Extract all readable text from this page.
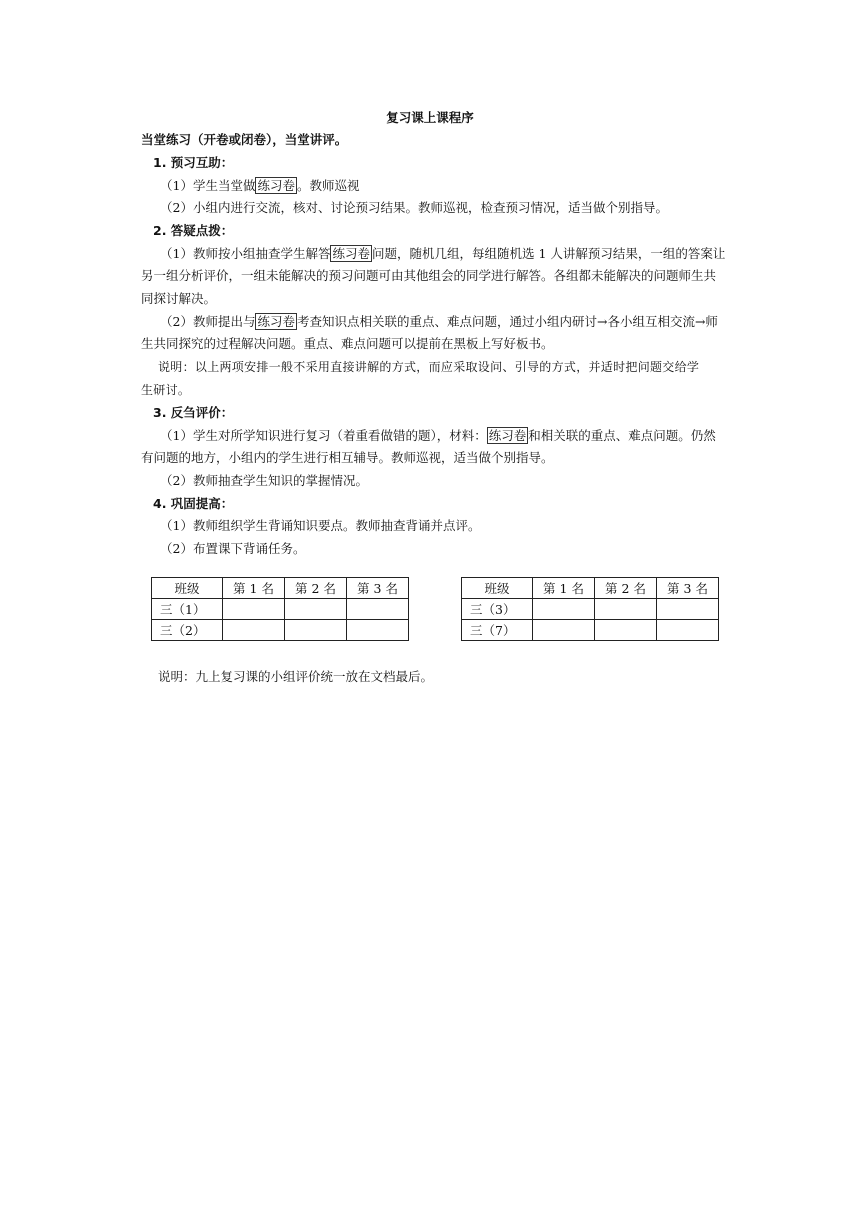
复习课上课程序
当堂练习（开卷或闭卷），当堂讲评。
1. 预习互助：
（1）学生当堂做 练习卷 。教师巡视
（2）小组内进行交流，核对、讨论预习结果。教师巡视，检查预习情况，适当做个别指导。
2. 答疑点拨：
（1）教师按小组抽查学生解答 练习卷 问题，随机几组，每组随机选 1 人讲解预习结果，一组的答案让
另一组分析评价，一组未能解决的预习问题可由其他组会的同学进行解答。各组都未能解决的问题师生共
同探讨解决。
（2）教师提出与 练习卷 考查知识点相关联的重点、难点问题，通过小组内研讨→各小组互相交流→师
生共同探究的过程解决问题。重点、难点问题可以提前在黑板上写好板书。
说明：以上两项安排一般不采用直接讲解的方式，而应采取设问、引导的方式，并适时把问题交给学
生研讨。
3. 反刍评价：
（1）学生对所学知识进行复习（着重看做错的题），材料： 练习卷 和相关联的重点、难点问题。仍然
有问题的地方，小组内的学生进行相互辅导。教师巡视，适当做个别指导。
（2）教师抽查学生知识的掌握情况。
4. 巩固提高：
（1）教师组织学生背诵知识要点。教师抽查背诵并点评。
（2）布置课下背诵任务。
班级	第 1 名	第 2 名	第 3 名
三（1）			
三（2）			
班级	第 1 名	第 2 名	第 3 名
三（3）			
三（7）			
说明：九上复习课的小组评价统一放在文档最后。
